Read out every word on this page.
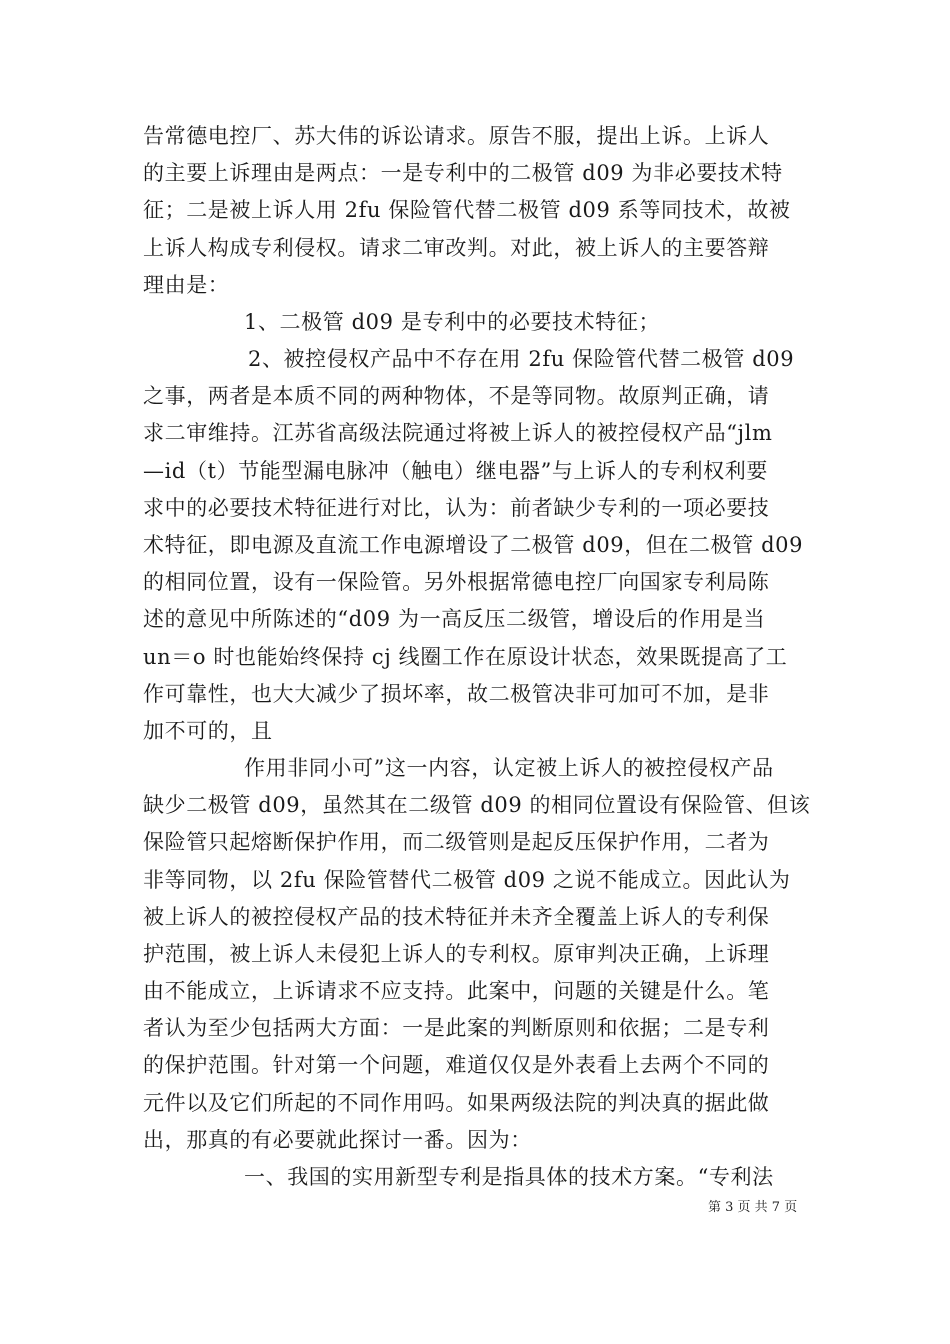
告常德电控厂、苏大伟的诉讼请求。原告不服，提出上诉。上诉人
的主要上诉理由是两点：一是专利中的二极管 d09 为非必要技术特
征；二是被上诉人用 2fu 保险管代替二极管 d09 系等同技术，故被
上诉人构成专利侵权。请求二审改判。对此，被上诉人的主要答辩
理由是：
1、二极管 d09 是专利中的必要技术特征；
2、被控侵权产品中不存在用 2fu 保险管代替二极管 d09
之事，两者是本质不同的两种物体，不是等同物。故原判正确，请
求二审维持。江苏省高级法院通过将被上诉人的被控侵权产品“jlm
—id（t）节能型漏电脉冲（触电）继电器”与上诉人的专利权利要
求中的必要技术特征进行对比，认为：前者缺少专利的一项必要技
术特征，即电源及直流工作电源增设了二极管 d09，但在二极管 d09
的相同位置，设有一保险管。另外根据常德电控厂向国家专利局陈
述的意见中所陈述的“d09 为一高反压二级管，增设后的作用是当
un＝o 时也能始终保持 cj 线圈工作在原设计状态，效果既提高了工
作可靠性，也大大减少了损坏率，故二极管决非可加可不加，是非
加不可的，且
作用非同小可”这一内容，认定被上诉人的被控侵权产品
缺少二极管 d09，虽然其在二级管 d09 的相同位置设有保险管、但该
保险管只起熔断保护作用，而二级管则是起反压保护作用，二者为
非等同物，以 2fu 保险管替代二极管 d09 之说不能成立。因此认为
被上诉人的被控侵权产品的技术特征并未齐全覆盖上诉人的专利保
护范围，被上诉人未侵犯上诉人的专利权。原审判决正确，上诉理
由不能成立，上诉请求不应支持。此案中，问题的关键是什么。笔
者认为至少包括两大方面：一是此案的判断原则和依据；二是专利
的保护范围。针对第一个问题，难道仅仅是外表看上去两个不同的
元件以及它们所起的不同作用吗。如果两级法院的判决真的据此做
出，那真的有必要就此探讨一番。因为：
一、我国的实用新型专利是指具体的技术方案。“专利法
第 3 页 共 7 页
